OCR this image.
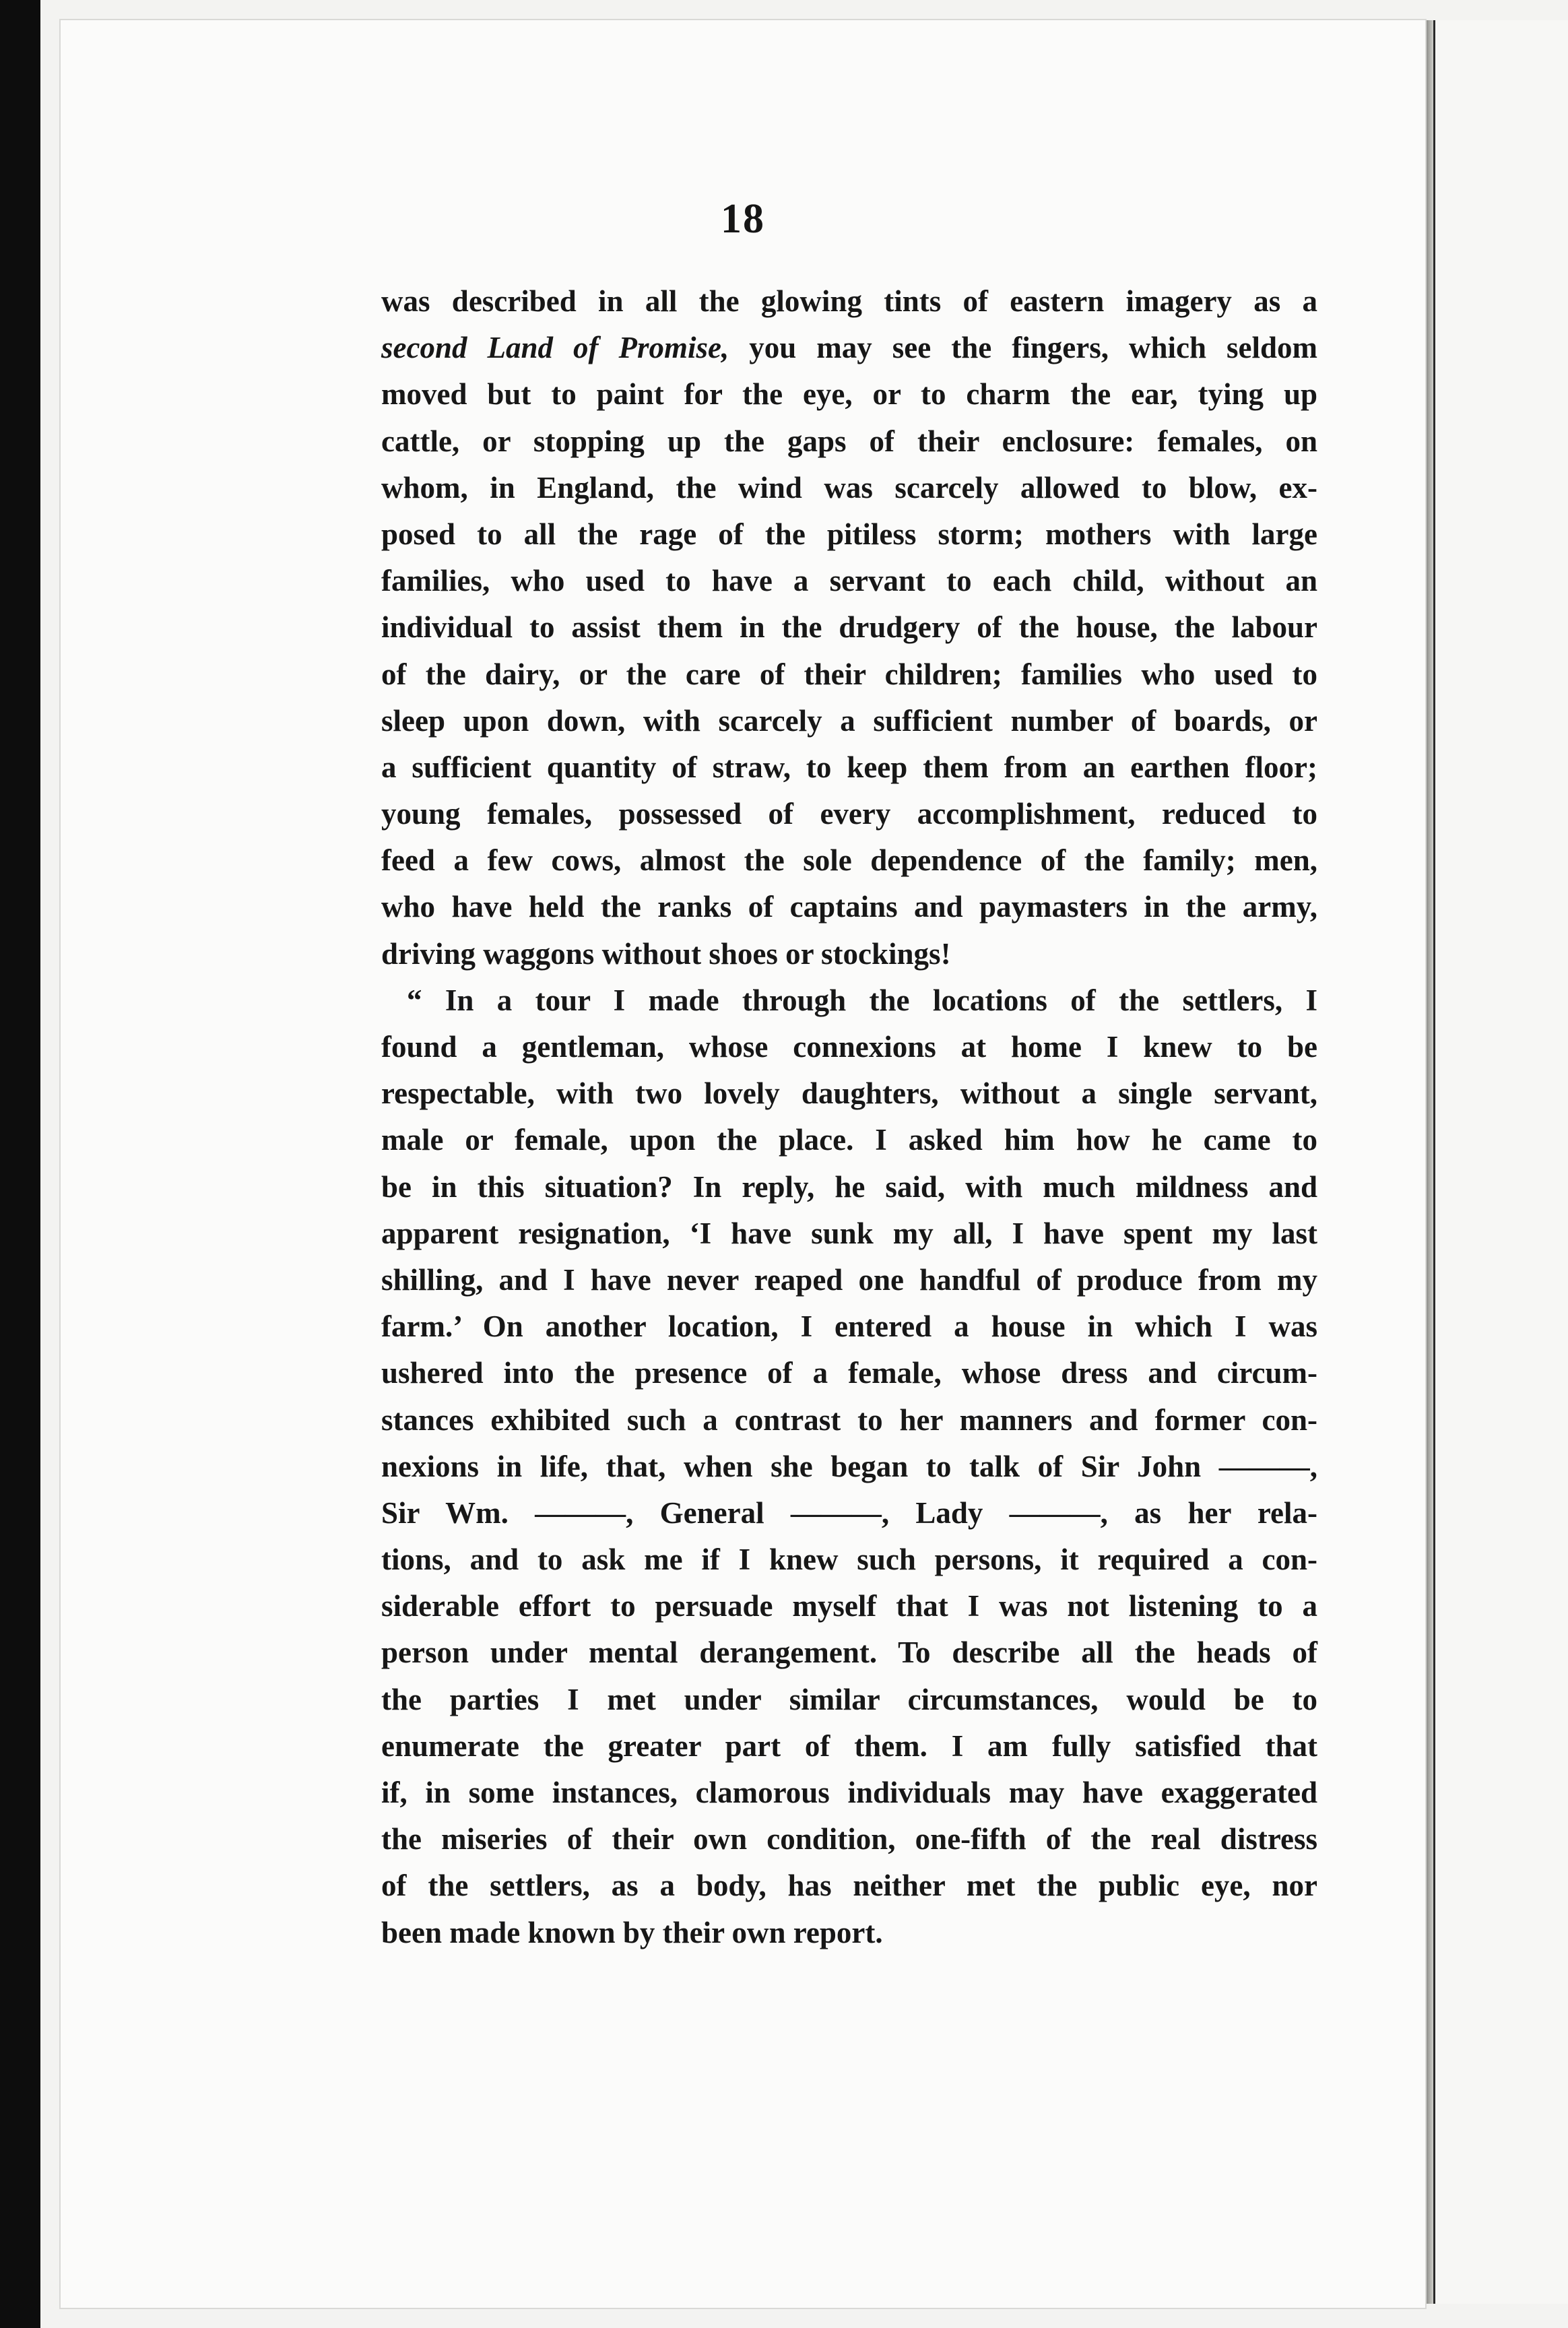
18
was described in all the glowing tints of eastern imagery as a
second Land of Promise, you may see the fingers, which seldom
moved but to paint for the eye, or to charm the ear, tying up
cattle, or stopping up the gaps of their enclosure: females, on
whom, in England, the wind was scarcely allowed to blow, ex-
posed to all the rage of the pitiless storm; mothers with large
families, who used to have a servant to each child, without an
individual to assist them in the drudgery of the house, the labour
of the dairy, or the care of their children; families who used to
sleep upon down, with scarcely a sufficient number of boards, or
a sufficient quantity of straw, to keep them from an earthen floor;
young females, possessed of every accomplishment, reduced to
feed a few cows, almost the sole dependence of the family; men,
who have held the ranks of captains and paymasters in the army,
driving waggons without shoes or stockings!
“ In a tour I made through the locations of the settlers, I
found a gentleman, whose connexions at home I knew to be
respectable, with two lovely daughters, without a single servant,
male or female, upon the place. I asked him how he came to
be in this situation? In reply, he said, with much mildness and
apparent resignation, ‘I have sunk my all, I have spent my last
shilling, and I have never reaped one handful of produce from my
farm.’ On another location, I entered a house in which I was
ushered into the presence of a female, whose dress and circum-
stances exhibited such a contrast to her manners and former con-
nexions in life, that, when she began to talk of Sir John ———,
Sir Wm. ———, General ———, Lady ———, as her rela-
tions, and to ask me if I knew such persons, it required a con-
siderable effort to persuade myself that I was not listening to a
person under mental derangement. To describe all the heads of
the parties I met under similar circumstances, would be to
enumerate the greater part of them. I am fully satisfied that
if, in some instances, clamorous individuals may have exaggerated
the miseries of their own condition, one-fifth of the real distress
of the settlers, as a body, has neither met the public eye, nor
been made known by their own report.
